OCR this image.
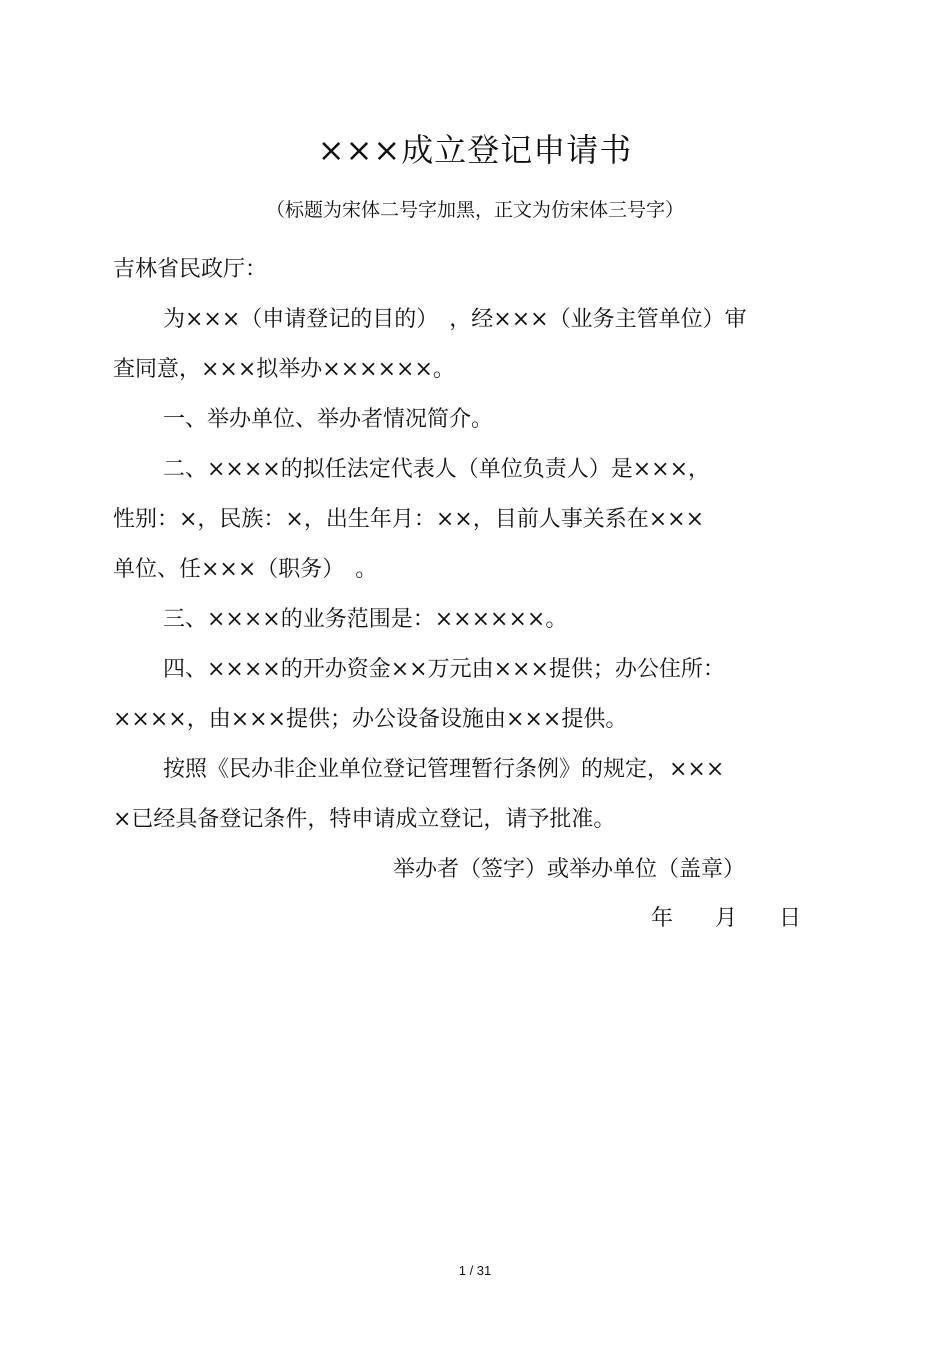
×××成立登记申请书
（标题为宋体二号字加黑，正文为仿宋体三号字）
吉林省民政厅：
为×××（申请登记的目的）　，经×××（业务主管单位）审
查同意，×××拟举办××××××。
一、举办单位、举办者情况简介。
二、××××的拟任法定代表人（单位负责人）是×××，
性别：×，民族：×，出生年月：××，目前人事关系在×××
单位、任×××（职务）　。
三、××××的业务范围是：××××××。
四、××××的开办资金××万元由×××提供；办公住所：
××××，由×××提供；办公设备设施由×××提供。
按照《民办非企业单位登记管理暂行条例》的规定，×××
×已经具备登记条件，特申请成立登记，请予批准。
举办者（签字）或举办单位（盖章）
年 月 日
1 / 31
